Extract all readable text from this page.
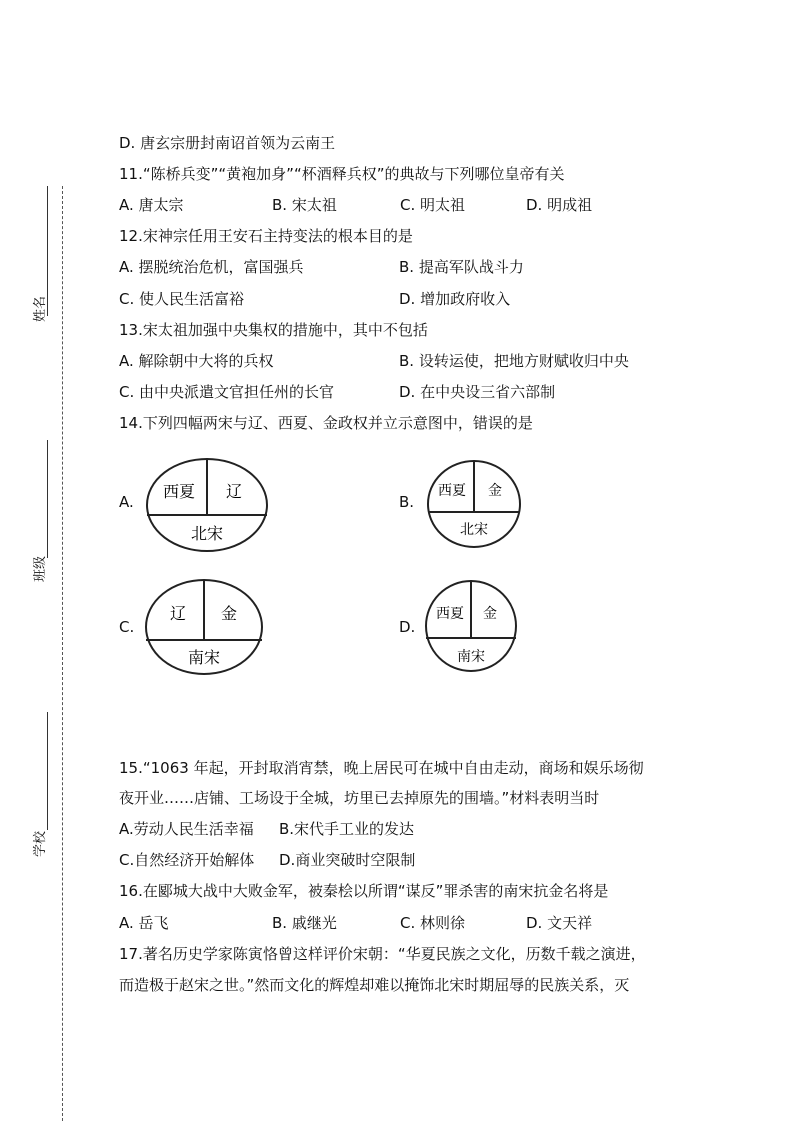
姓名
班级
学校
D. 唐玄宗册封南诏首领为云南王
11.“陈桥兵变”“黄袍加身”“杯酒释兵权”的典故与下列哪位皇帝有关
A. 唐太宗	B. 宋太祖	C. 明太祖	D. 明成祖
12.宋神宗任用王安石主持变法的根本目的是
A. 摆脱统治危机，富国强兵	B. 提高军队战斗力
C. 使人民生活富裕	D. 增加政府收入
13.宋太祖加强中央集权的措施中，其中不包括
A. 解除朝中大将的兵权	B. 设转运使，把地方财赋收归中央
C. 由中央派遣文官担任州的长官	D. 在中央设三省六部制
14.下列四幅两宋与辽、西夏、金政权并立示意图中，错误的是
A.
西夏 辽
北宋
B.
西夏 金
北宋
C.
辽 金
南宋
D.
西夏 金
南宋
15.“1063 年起，开封取消宵禁，晚上居民可在城中自由走动，商场和娱乐场彻
夜开业……店铺、工场设于全城，坊里已去掉原先的围墙。”材料表明当时
A.劳动人民生活幸福 B.宋代手工业的发达
C.自然经济开始解体 D.商业突破时空限制
16.在郾城大战中大败金军，被秦桧以所谓“谋反”罪杀害的南宋抗金名将是
A. 岳飞	B. 戚继光	C. 林则徐	D. 文天祥
17.著名历史学家陈寅恪曾这样评价宋朝：“华夏民族之文化，历数千载之演进，
而造极于赵宋之世。”然而文化的辉煌却难以掩饰北宋时期屈辱的民族关系，灭
